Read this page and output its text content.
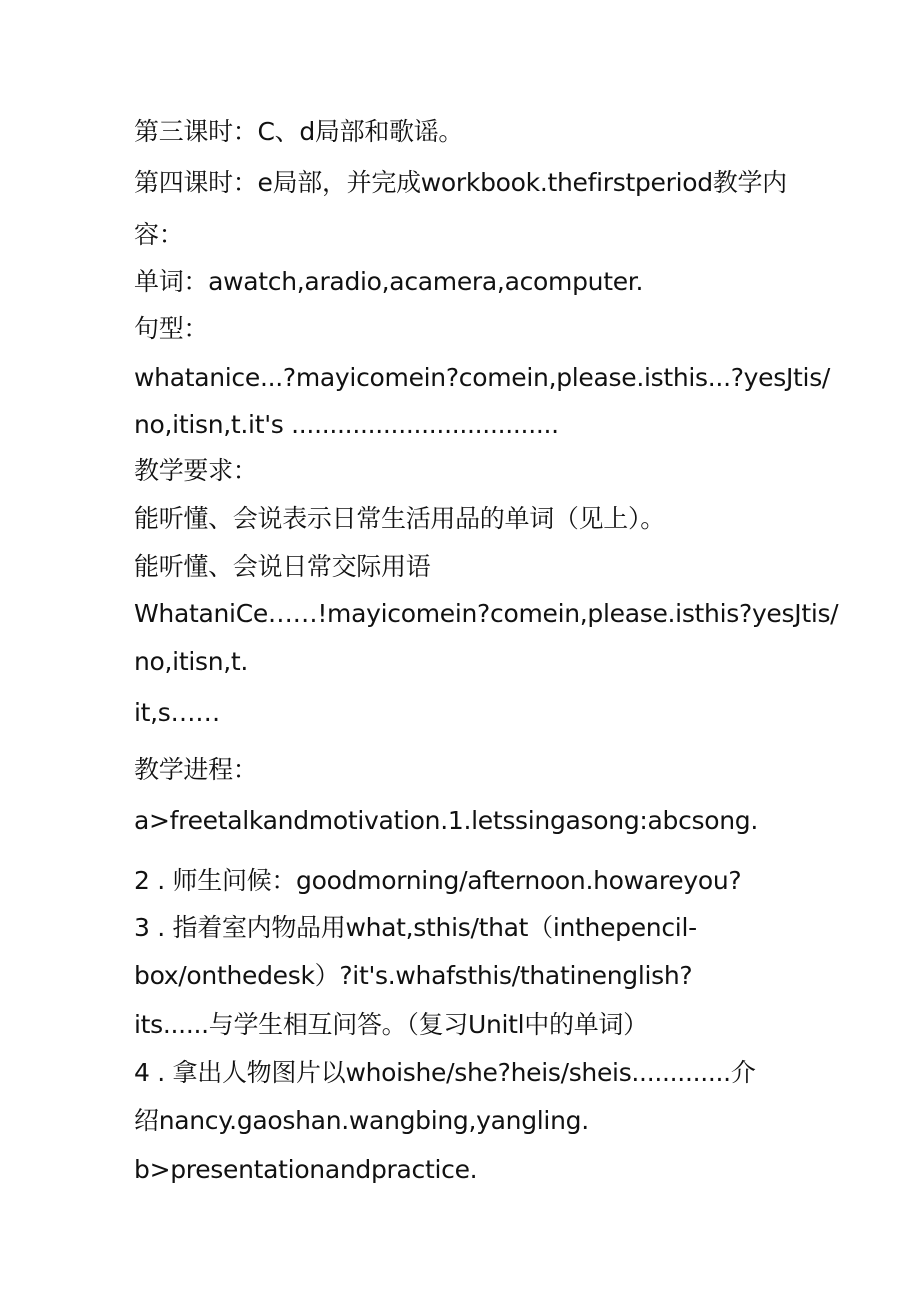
第三课时：C、d局部和歌谣。

第四课时：e局部，并完成workbook.thefirstperiod教学内

容：

单词：awatch,aradio,acamera,acomputer.

句型：

whatanice...?mayicomein?comein,please.isthis...?yesJtis/

no,itisn,t.it's ...................................

教学要求：

能听懂、会说表示日常生活用品的单词（见上）。

能听懂、会说日常交际用语

WhataniCe……!mayicomein?comein,please.isthis?yesJtis/

no,itisn,t.

it,s……

教学进程：

a>freetalkandmotivation.1.letssingasong:abcsong.

2 . 师生问候：goodmorning/afternoon.howareyou?

3 . 指着室内物品用what,sthis/that（inthepencil-

box/onthedesk）?it's.whafsthis/thatinenglish?

its......与学生相互问答。（复习Unitl中的单词）

4 . 拿出人物图片以whoishe/she?heis/sheis.............介

绍nancy.gaoshan.wangbing,yangling.

b>presentationandpractice.
